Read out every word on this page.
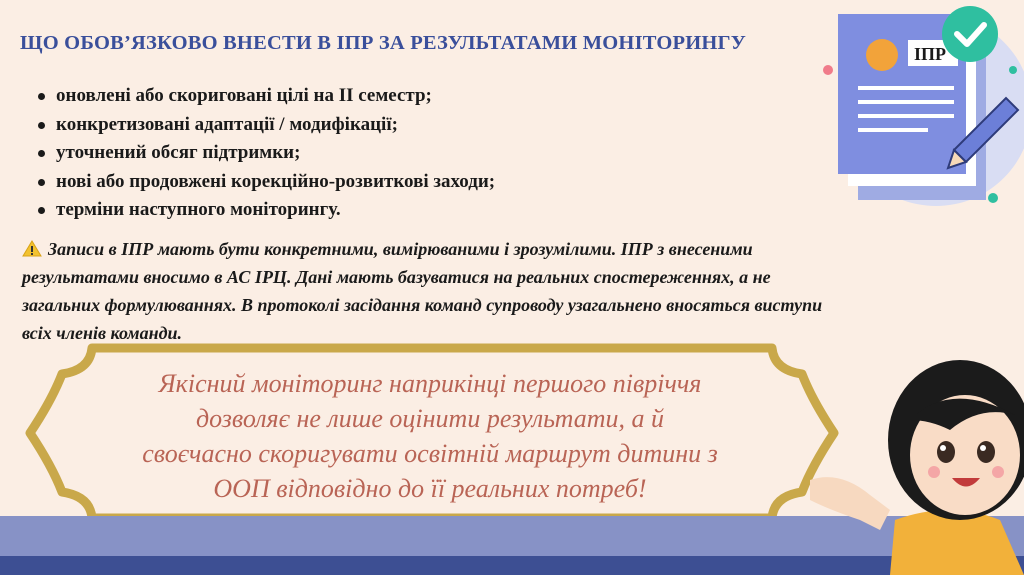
ЩО ОБОВ’ЯЗКОВО ВНЕСТИ В ІПР ЗА РЕЗУЛЬТАТАМИ МОНІТОРИНГУ
оновлені або скориговані цілі на II семестр;
конкретизовані адаптації / модифікації;
уточнений обсяг підтримки;
нові або продовжені корекційно-розвиткові заходи;
терміни наступного моніторингу.
Записи в ІПР мають бути конкретними, вимірюваними і зрозумілими. ІПР з внесеними
результатами вносимо в АС ІРЦ. Дані мають базуватися на реальних спостереженнях, а не
загальних формулюваннях. В протоколі засідання команд супроводу узагальнено вносяться виступи
всіх членів команди.
Якісний моніторинг наприкінці першого півріччя
дозволяє не лише оцінити результати, а й
своєчасно скоригувати освітній маршрут дитини з
ООП відповідно до її реальних потреб!
ІПР
